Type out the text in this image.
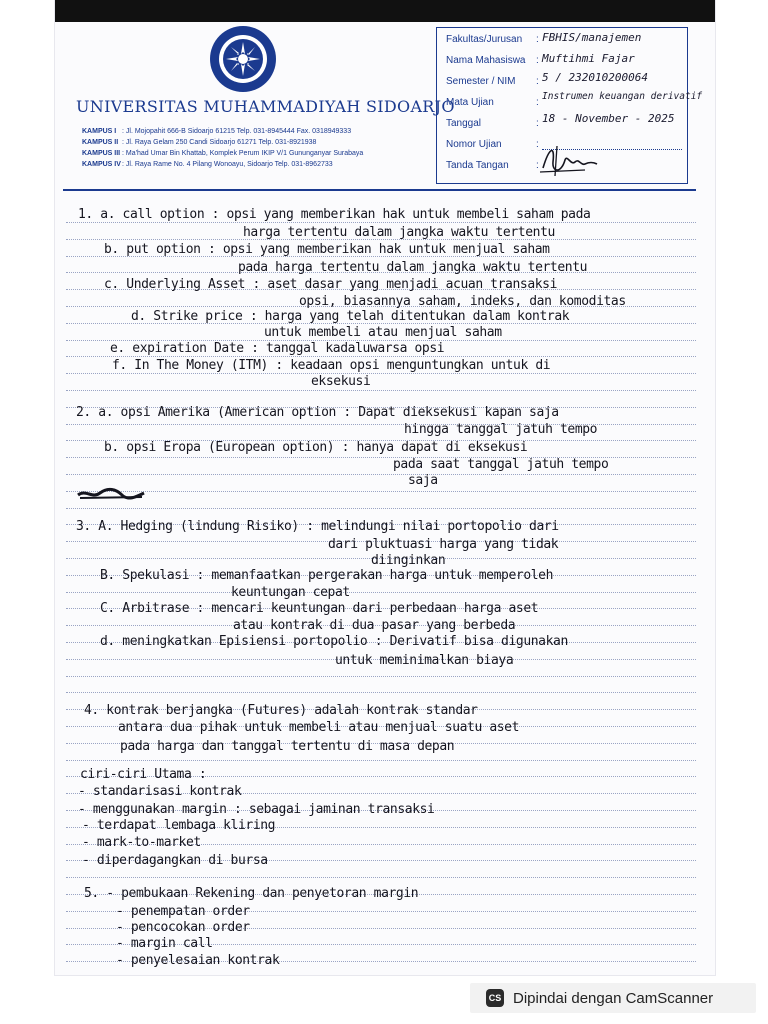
UNIVERSITAS MUHAMMADIYAH SIDOARJO
KAMPUS I : Jl. Mojopahit 666-B Sidoarjo 61215 Telp. 031-8945444 Fax. 0318949333
KAMPUS II : Jl. Raya Gelam 250 Candi Sidoarjo 61271 Telp. 031-8921938
KAMPUS III : Ma'had Umar Bin Khattab, Komplek Perum IKIP V/1 Gununganyar Surabaya
KAMPUS IV: Jl. Raya Rame No. 4 Pilang Wonoayu, Sidoarjo Telp. 031-8962733
Fakultas/Jurusan : FBHIS/manajemen
Nama Mahasiswa : Muftihmi Fajar
Semester / NIM : 5 / 232010200064
Mata Ujian	:
Instrumen keuangan derivatif
Tanggal	: 18 - November - 2025
Nomor Ujian	:
Tanda Tangan	:
1. a. call option : opsi yang memberikan hak untuk membeli saham pada
harga tertentu dalam jangka waktu tertentu
b. put option : opsi yang memberikan hak untuk menjual saham
pada harga tertentu dalam jangka waktu tertentu
c. Underlying Asset : aset dasar yang menjadi acuan transaksi
opsi, biasannya saham, indeks, dan komoditas
d. Strike price : harga yang telah ditentukan dalam kontrak
untuk membeli atau menjual saham
e. expiration Date : tanggal kadaluwarsa opsi
f. In The Money (ITM) : keadaan opsi menguntungkan untuk di
eksekusi
2. a. opsi Amerika (American option : Dapat dieksekusi kapan saja
hingga tanggal jatuh tempo
b. opsi Eropa (European option) : hanya dapat di eksekusi
pada saat tanggal jatuh tempo
saja
3. A. Hedging (lindung Risiko) : melindungi nilai portopolio dari
dari pluktuasi harga yang tidak
diinginkan
B. Spekulasi : memanfaatkan pergerakan harga untuk memperoleh
keuntungan cepat
C. Arbitrase : mencari keuntungan dari perbedaan harga aset
atau kontrak di dua pasar yang berbeda
d. meningkatkan Episiensi portopolio : Derivatif bisa digunakan
untuk meminimalkan biaya
4. kontrak berjangka (Futures) adalah kontrak standar
antara dua pihak untuk membeli atau menjual suatu aset
pada harga dan tanggal tertentu di masa depan
ciri-ciri Utama :
- standarisasi kontrak
- menggunakan margin : sebagai jaminan transaksi
- terdapat lembaga kliring
- mark-to-market
- diperdagangkan di bursa
5. - pembukaan Rekening dan penyetoran margin
- penempatan order
- pencocokan order
- margin call
- penyelesaian kontrak
CS Dipindai dengan CamScanner
